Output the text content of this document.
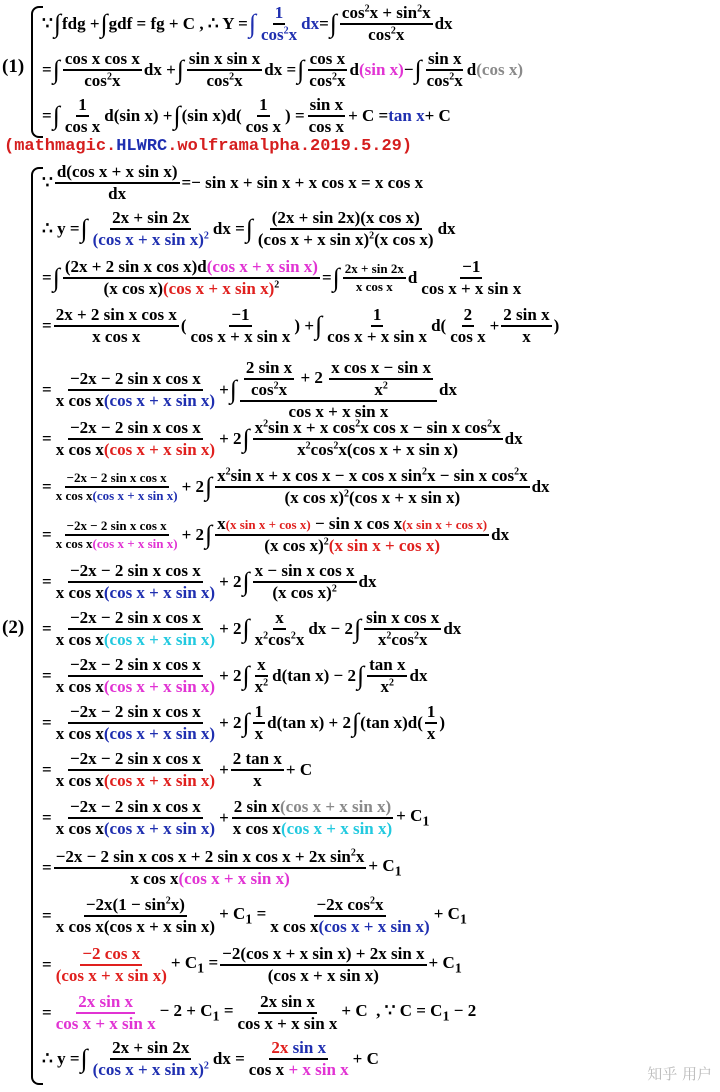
(1)
∵ ∫ fdg + ∫ gdf = fg + C , ∴ Y = ∫ $\frac{1}{\cos^2x}$ dx = ∫ $\frac{\cos^2x + \sin^2x}{\cos^2x}$ dx
= ∫ $\frac{\text{cos x cos x}}{\cos^2x}$ dx + ∫ $\frac{\text{sin x sin x}}{\cos^2x}$ dx = ∫ $\frac{\text{cos x}}{\cos^2x}$ d (sin x) − ∫ $\frac{\text{sin x}}{\cos^2x}$ d (cos x)
= ∫ $\frac{1}{\text{cos x}} d(\sin$ x) + ∫ (sin $x)d( \frac{1}{\text{cos x}}$ ) = $\frac{\text{sin x}}{\text{cos x}} + C = \tan x + C$
(mathmagic.HLWRC.wolframalpha.2019.5.29)
(2)
∵ $\frac{\text{d(cos x + x sin x)}}{dx} =- \sin x + \sin x + x$ cos x = x cos x
∴ y = ∫ $\frac{2x + \sin 2x}{(\cos x + x \sin x)^2}$ dx = ∫ $\frac{\text{(2x + sin 2x)(x cos x)}}{(\cos x + x \sin x)^2(x \cos x)}$ dx
= ∫ $\frac{\text{(2x + 2 sin x cos x)d(cos x + x sin x)}}{(x \cos x)(\cos x + x \sin x)^2}$ = ∫ $\frac{2x + \sin 2x}{\text{x cos x}}$ d $\frac{-1}{\text{cos x + x sin x}}$
= $\frac{\text{2x + 2 sin x cos x}}{\text{x cos x}}$ ( $\frac{-1}{\text{cos x + x sin x}}$ ) + ∫ $\frac{1}{\text{cos x + x sin x}} d( \frac{2}{\text{cos x}} + \frac{\text{2 sin x}}{x}$ )
= $\frac{\text{−2x − 2 sin x cos x}}{\text{x cos x(cos x + x sin x)}}$ + ∫ $\frac{\frac{\text{2 sin x}}{\cos^2x} + 2 \frac{\text{x cos x − sin x}}{x^2}}{\text{cos x + x sin x}}$ dx
= $\frac{\text{−2x − 2 sin x cos x}}{\text{x cos x(cos x + x sin x)}} + 2$ ∫ $\frac{x^2\sin x + x \cos^2x \cos x - \sin x \cos^2x}{x^2\cos^2x(\cos x + x \sin x)}$ dx
= $\frac{\text{−2x − 2 sin x cos x}}{\text{x cos x(cos x + x sin x)}} + 2$ ∫ $\frac{x^2\sin x + x \cos x - x \cos x \sin^2x - \sin x \cos^2x}{(x \cos x)^2(\cos x + x \sin x)}$ dx
= $\frac{\text{−2x − 2 sin x cos x}}{\text{x cos x(cos x + x sin x)}} + 2$ ∫ $\frac{\text{x(x sin x + cos x) − sin x cos x(x sin x + cos x)}}{(x \cos x)^2(x \sin x + \cos x)}$ dx
= $\frac{\text{−2x − 2 sin x cos x}}{\text{x cos x(cos x + x sin x)}} + 2$ ∫ $\frac{\text{x − sin x cos x}}{(x \cos x)^2}$ dx
= $\frac{\text{−2x − 2 sin x cos x}}{\text{x cos x(cos x + x sin x)}} + 2$ ∫ $\frac{x}{x^2\cos^2x}$ dx − 2 ∫ $\frac{\text{sin x cos x}}{x^2\cos^2x}$ dx
= $\frac{\text{−2x − 2 sin x cos x}}{\text{x cos x(cos x + x sin x)}} + 2$ ∫ $\frac{x}{x^2} d(\tan$ x) − 2 ∫ $\frac{\text{tan x}}{x^2}$ dx
= $\frac{\text{−2x − 2 sin x cos x}}{\text{x cos x(cos x + x sin x)}} + 2$ ∫ $\frac{1}{x} d(\tan$ x) + 2 ∫ (tan $x)d( \frac{1}{x}$ )
= $\frac{\text{−2x − 2 sin x cos x}}{\text{x cos x(cos x + x sin x)}} + \frac{\text{2 tan x}}{x} + C$
= $\frac{\text{−2x − 2 sin x cos x}}{\text{x cos x(cos x + x sin x)}} + \frac{\text{2 sin x(cos x + x sin x)}}{\text{x cos x(cos x + x sin x)}} + C_1$
= $\frac{-2x - 2 \sin x \cos x + 2 \sin x \cos x + 2x \sin^2x}{\text{x cos x(cos x + x sin x)}} + C_1$
= $\frac{-2x(1 - \sin^2x)}{\text{x cos x(cos x + x sin x)}} + C_1 = \frac{-2x \cos^2x}{\text{x cos x(cos x + x sin x)}} + C_1$
= $\frac{\text{−2 cos x}}{\text{(cos x + x sin x)}} + C_1 = \frac{\text{−2(cos x + x sin x) + 2x sin x}}{\text{(cos x + x sin x)}} + C_1$
= $\frac{\text{2x sin x}}{\text{cos x + x sin x}} - 2 + C_1 = \frac{\text{2x sin x}}{\text{cos x + x sin x}} + C$  , ∵ $C = C_1 - 2$
∴ y = ∫ $\frac{2x + \sin 2x}{(\cos x + x \sin x)^2}$ dx = $\frac{\text{2x sin x}}{\text{cos x + x sin x}} + C$
知乎 用户
